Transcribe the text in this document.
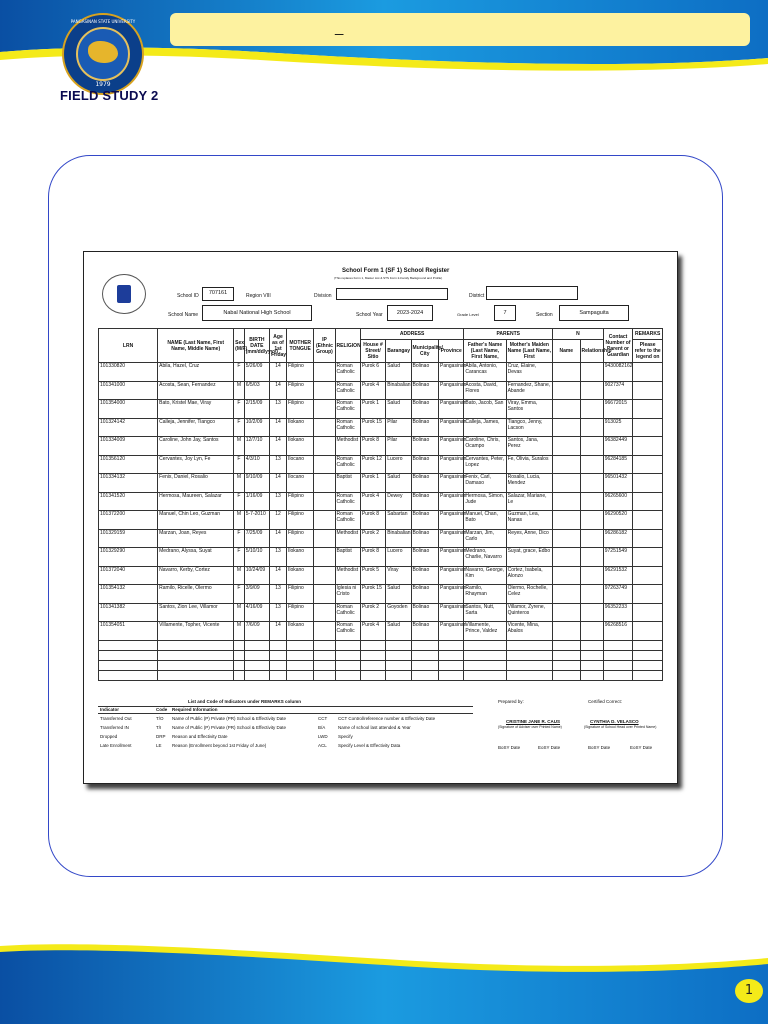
PANGASINAN STATE UNIVERSITY
1979
_
FIELD STUDY 2
School Form 1 (SF 1) School Register
(This replaces Form 1, Master List & STS Form 2-Family Background and Profile)
School ID	707161	Region VIII	Division	District
School Name	Nabal National High School	School Year	2023-2024	Grade Level	7	Section	Sampaguita
LRN	NAME (Last Name, First Name, Middle Name)	Sex (M/F)	BIRTH DATE (mm/dd/yyyy)	Age as of 1st Friday	MOTHER TONGUE	IP (Ethnic Group)	RELIGION	ADDRESS				PARENTS		N		Contact Number of Parent or Guardian	REMARKS
								House # Street/ Sitio	Barangay	Municipality/ City	Province	Father's Name (Last Name, First Name,	Mother's Maiden Name (Last Name, First	Name	Relationship		Please refer to the legend on
101330820	Abila, Hazel, Cruz	F	5/26/09	14	Filipino		Roman Catholic	Purok 6	Salud	Bolinao	Pangasinan	Abila, Antonio, Carancas	Cruz, Elaine, Devas			9430082162	
101341000	Acosta, Sean, Fernandez	M	6/5/03	14	Filipino		Roman Catholic	Purok 4	Binabalian	Bolinao	Pangasinan	Acosta, David, Flores	Fernandez, Shane, Abande			9027374	
101354000	Bato, Kristel Mae, Viray	F	2/15/09	13	Filipino		Roman Catholic	Purok 1	Salud	Bolinao	Pangasinan	Bato, Jacob, San	Viray, Emma, Santos			96672015	
101324142	Calleja, Jennifer, Tiangco	F	10/2/09	14	Ilokano		Roman Catholic	Purok 15	Pilar	Bolinao	Pangasinan	Calleja, James,	Tiangco, Jenny, Lacson			913025	
101334009	Caroline, John Jay, Santos	M	12/7/10	14	Ilokano		Methodist	Purok 8	Pilar	Bolinao	Pangasinan	Caroline, Chris, Ocampo	Santos, Jana, Perez			96382449	
101356120	Cervantes, Joy Lyn, Fe	F	4/3/10	13	Ilocano		Roman Catholic	Purok 12	Lucero	Bolinao	Pangasinan	Cervantes, Peter, Lopez	Fe, Olivia, Suralos			96284185	
101334132	Fenix, Daniel, Rosalio	M	9/10/09	14	Ilocano		Baptist	Purok 1	Salud	Bolinao	Pangasinan	Fenix, Carl, Damaso	Rosalio, Lucia, Mendez			96501432	
101341520	Hermosa, Maureen, Salazar	F	1/16/09	13	Filipino		Roman Catholic	Purok 4	Dewey	Bolinao	Pangasinan	Hermosa, Simon, Jude	Salazar, Mariane, Le			96265600	
101372200	Manuel, Chin Leo, Guzman	M	5-7-2010	12	Filipino		Roman Catholic	Purok 8	Sabartan	Bolinao	Pangasinan	Manuel, Chan, Bato	Guzman, Lea, Nanas			96290520	
101329159	Marzan, Joan, Reyes	F	7/25/09	14	Filipino		Methodist	Purok 2	Binabalian	Bolinao	Pangasinan	Marzan, Jim, Carlo	Reyes, Anne, Dico			96286182	
101329290	Medrano, Alyssa, Suyat	F	5/10/10	13	Ilokano		Baptist	Purok 8	Lucero	Bolinao	Pangasinan	Medrano, Charlie, Navarro	Suyat, grace, Edbo			97251549	
101372040	Navarro, Kerby, Cortez	M	10/24/09	14	Ilokano		Methodist	Purok 5	Viray	Bolinao	Pangasinan	Navarro, George, Kim	Cortez, Isabela, Alonzo			96291532	
101354132	Ramilo, Ricelle, Olermo	F	3/9/09	13	Filipino		Iglesia ni Cristo	Purok 15	Salud	Bolinao	Pangasinan	Ramilo, Rhayman	Olermo, Rochelle, Celez			97263749	
101341382	Santos, Zion Lee, Villamor	M	4/16/09	13	Filipino		Roman Catholic	Purok 2	Goyoden	Bolinao	Pangasinan	Santos, Nutt, Sarta	Villamor, Zyrene, Quinteros			96352233	
101354051	Villamente, Topher, Vicente	M	7/6/09	14	Ilokano		Roman Catholic	Purok 4	Salud	Bolinao	Pangasinan	Villamente, Prince, Valdez	Vicente, Mina, Abalos			96268516	

List and Code of Indicators under REMARKS column
Indicator	Code Required Information
Transferred Out	T/O Name of Public (P) Private (PR) School & Effectivity Date
Transferred IN	T/I Name of Public (P) Private (PR) School & Effectivity Date
Dropped	DRP Reason and Effectivity Date
Late Enrollment	LE Reason (Enrollment beyond 1st Friday of June)
CCT CCT Control/reference number & Effectivity Date
B/A	Name of school last attended & Year
LWD Specify
ACL Specify Level & Effectivity Data
Prepared by:	Certified Correct:
CRISTINE JANE R. CAUS
(Signature of Adviser over Printed Name)
CYNTHIA D. VELASCO
(Signature of School Head over Printed Name)
BoSY Date	EoSY Date	BoSY Date	EoSY Date
1
